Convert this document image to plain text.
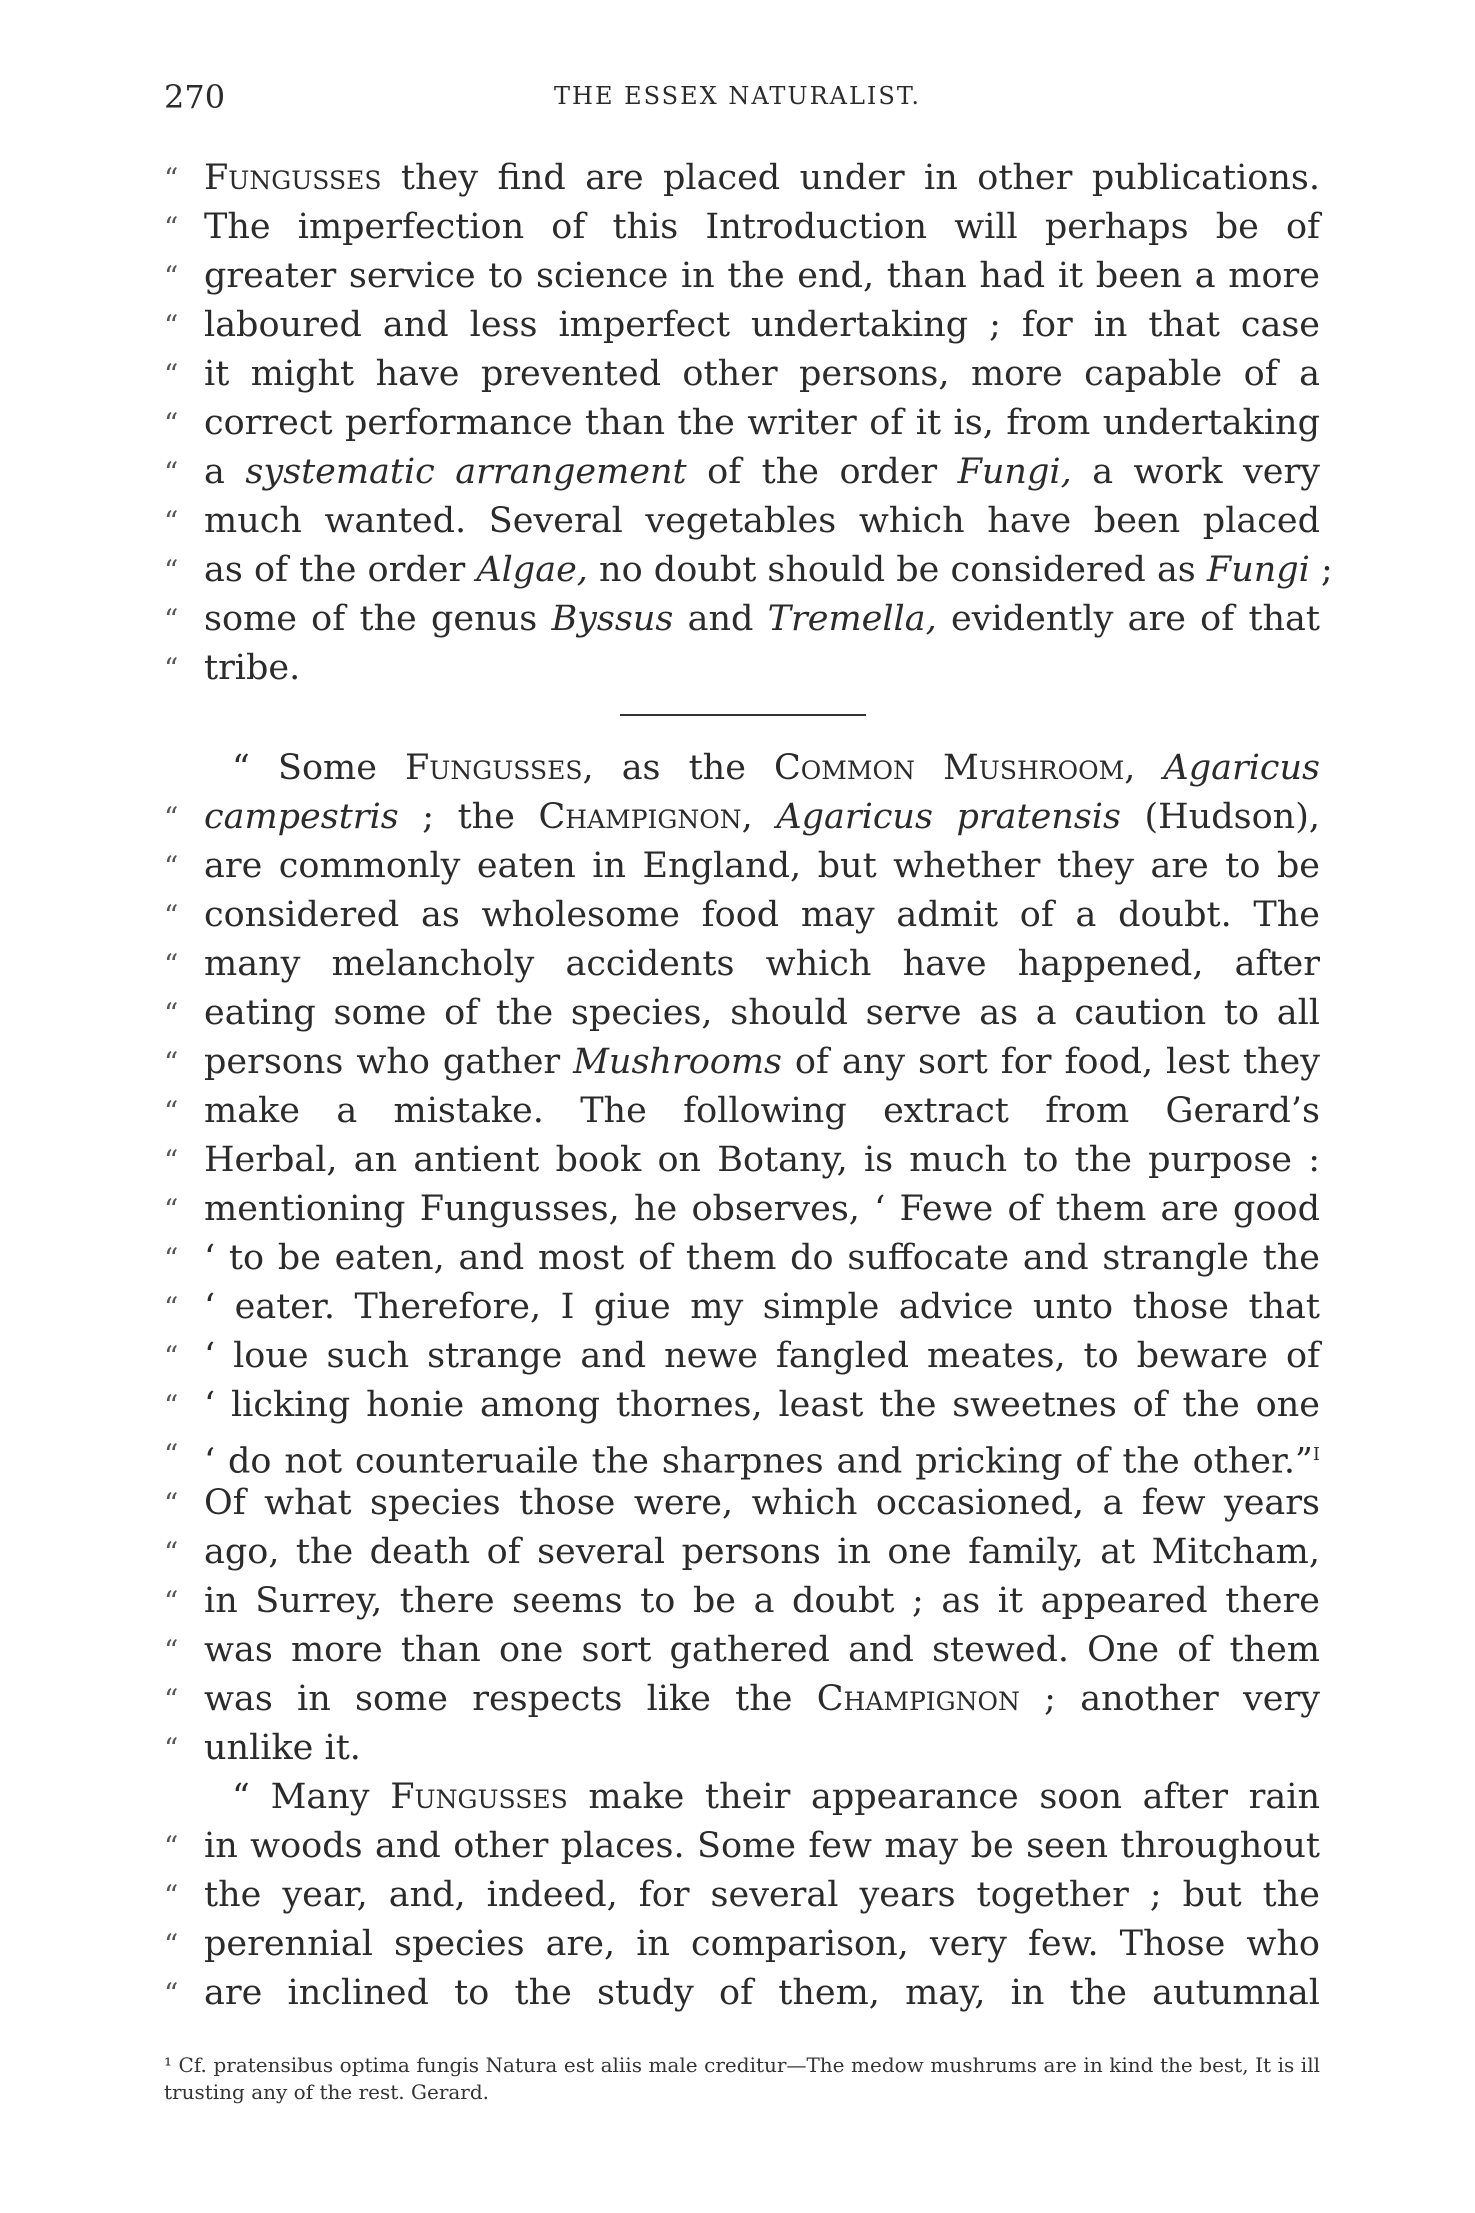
270	THE ESSEX NATURALIST.
“ Fungusses they find are placed under in other publications.
“ The imperfection of this Introduction will perhaps be of
“ greater service to science in the end, than had it been a more
“ laboured and less imperfect undertaking ; for in that case
“ it might have prevented other persons, more capable of a
“ correct performance than the writer of it is, from undertaking
“ a systematic arrangement of the order Fungi, a work very
“ much wanted. Several vegetables which have been placed
“ as of the order Algae, no doubt should be considered as Fungi ;
“ some of the genus Byssus and Tremella, evidently are of that
“ tribe.
“ Some Fungusses, as the Common Mushroom, Agaricus
“ campestris ; the Champignon, Agaricus pratensis (Hudson),
“ are commonly eaten in England, but whether they are to be
“ considered as wholesome food may admit of a doubt. The
“ many melancholy accidents which have happened, after
“ eating some of the species, should serve as a caution to all
“ persons who gather Mushrooms of any sort for food, lest they
“ make a mistake. The following extract from Gerard’s
“ Herbal, an antient book on Botany, is much to the purpose :
“ mentioning Fungusses, he observes, ‘ Fewe of them are good
“ ‘ to be eaten, and most of them do suffocate and strangle the
“ ‘ eater. Therefore, I giue my simple advice unto those that
“ ‘ loue such strange and newe fangled meates, to beware of
“ ‘ licking honie among thornes, least the sweetnes of the one
“ ‘ do not counteruaile the sharpnes and pricking of the other.”$^I$
“ Of what species those were, which occasioned, a few years
“ ago, the death of several persons in one family, at Mitcham,
“ in Surrey, there seems to be a doubt ; as it appeared there
“ was more than one sort gathered and stewed. One of them
“ was in some respects like the Champignon ; another very
“ unlike it.
“ Many Fungusses make their appearance soon after rain
“ in woods and other places. Some few may be seen throughout
“ the year, and, indeed, for several years together ; but the
“ perennial species are, in comparison, very few. Those who
“ are inclined to the study of them, may, in the autumnal
¹ Cf. pratensibus optima fungis Natura est aliis male creditur—The medow mushrums are in kind the best, It is ill trusting any of the rest. Gerard.
